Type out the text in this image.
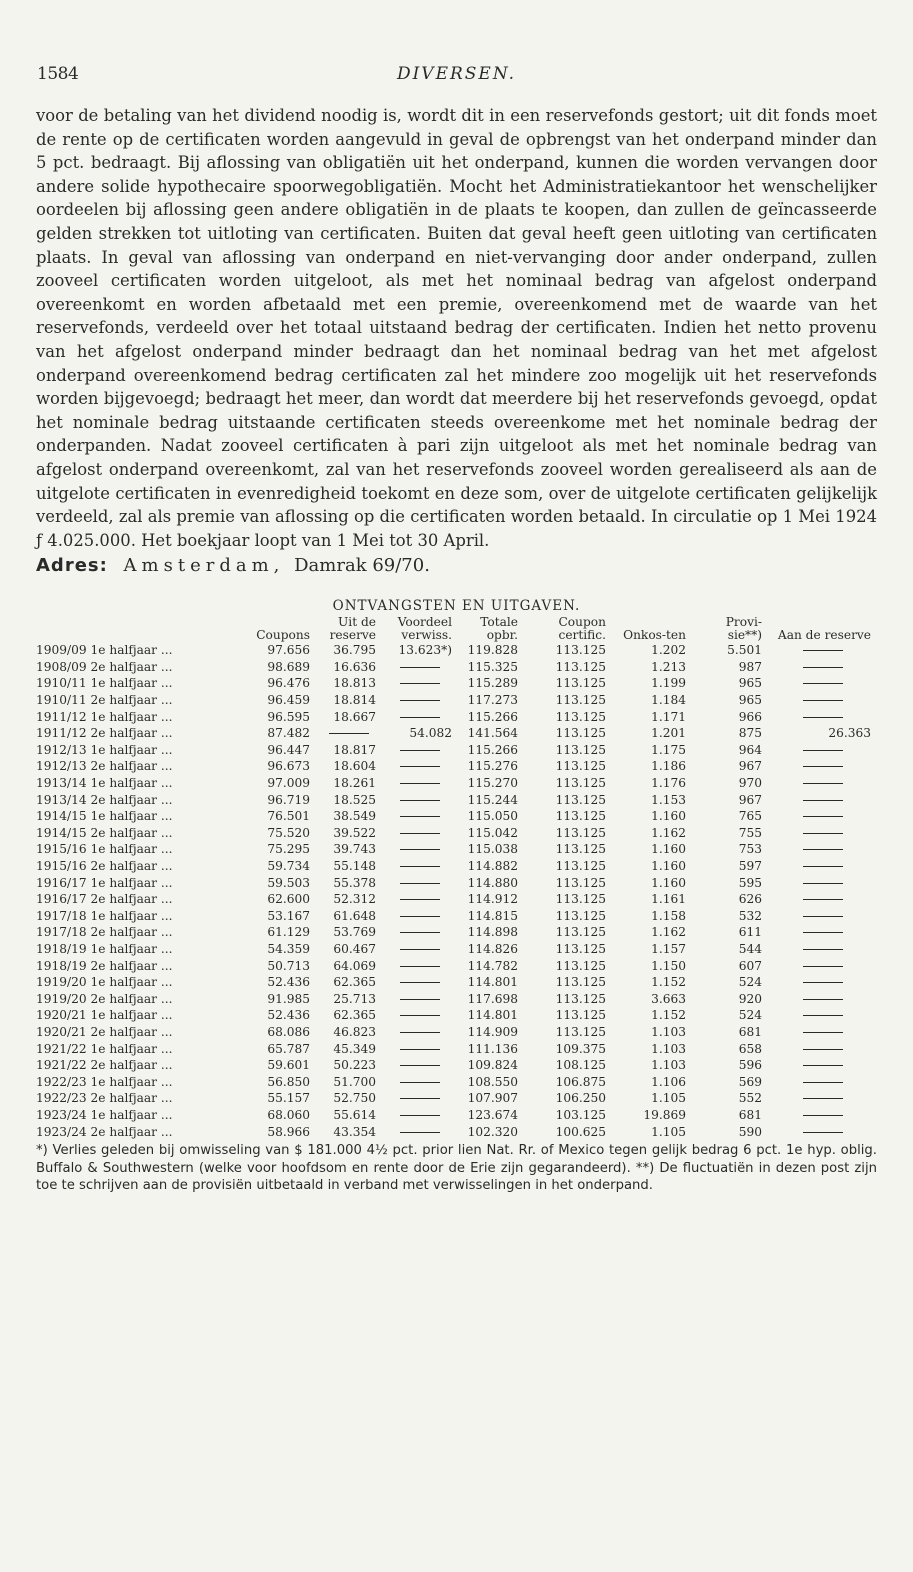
1584	DIVERSEN.

voor de betaling van het dividend noodig is, wordt dit in een reservefonds gestort; uit dit fonds moet de rente op de certificaten worden aangevuld in geval de opbrengst van het onderpand minder dan 5 pct. bedraagt. Bij aflossing van obligatiën uit het onderpand, kunnen die worden vervangen door andere solide hypothecaire spoorwegobligatiën. Mocht het Administratiekantoor het wenschelijker oordeelen bij aflossing geen andere obligatiën in de plaats te koopen, dan zullen de geïncasseerde gelden strekken tot uitloting van certificaten. Buiten dat geval heeft geen uitloting van certificaten plaats. In geval van aflossing van onderpand en niet-vervanging door ander onderpand, zullen zooveel certificaten worden uitgeloot, als met het nominaal bedrag van afgelost onderpand overeenkomt en worden afbetaald met een premie, overeenkomend met de waarde van het reservefonds, verdeeld over het totaal uitstaand bedrag der certificaten. Indien het netto provenu van het afgelost onderpand minder bedraagt dan het nominaal bedrag van het met afgelost onderpand overeenkomend bedrag certificaten zal het mindere zoo mogelijk uit het reservefonds worden bijgevoegd; bedraagt het meer, dan wordt dat meerdere bij het reservefonds gevoegd, opdat het nominale bedrag uitstaande certificaten steeds overeenkome met het nominale bedrag der onderpanden. Nadat zooveel certificaten à pari zijn uitgeloot als met het nominale bedrag van afgelost onderpand overeenkomt, zal van het reservefonds zooveel worden gerealiseerd als aan de uitgelote certificaten in evenredigheid toekomt en deze som, over de uitgelote certificaten gelijkelijk verdeeld, zal als premie van aflossing op die certificaten worden betaald. In circulatie op 1 Mei 1924 ƒ 4.025.000. Het boekjaar loopt van 1 Mei tot 30 April.

Adres: Amsterdam, Damrak 69/70.
ONTVANGSTEN EN UITGAVEN.
	Coupons	Uit de reserve	Voordeel verwiss.	Totale opbr.	Coupon certific.	Onkos-ten	Provi-sie**)	Aan de reserve
1909/09 1e halfjaar ...	97.656	36.795	13.623*)	119.828	113.125	1.202	5.501	
1908/09 2e halfjaar ...	98.689	16.636		115.325	113.125	1.213	987	
1910/11 1e halfjaar ...	96.476	18.813		115.289	113.125	1.199	965	
1910/11 2e halfjaar ...	96.459	18.814		117.273	113.125	1.184	965	
1911/12 1e halfjaar ...	96.595	18.667		115.266	113.125	1.171	966	
1911/12 2e halfjaar ...	87.482		54.082	141.564	113.125	1.201	875	26.363
1912/13 1e halfjaar ...	96.447	18.817		115.266	113.125	1.175	964	
1912/13 2e halfjaar ...	96.673	18.604		115.276	113.125	1.186	967	
1913/14 1e halfjaar ...	97.009	18.261		115.270	113.125	1.176	970	
1913/14 2e halfjaar ...	96.719	18.525		115.244	113.125	1.153	967	
1914/15 1e halfjaar ...	76.501	38.549		115.050	113.125	1.160	765	
1914/15 2e halfjaar ...	75.520	39.522		115.042	113.125	1.162	755	
1915/16 1e halfjaar ...	75.295	39.743		115.038	113.125	1.160	753	
1915/16 2e halfjaar ...	59.734	55.148		114.882	113.125	1.160	597	
1916/17 1e halfjaar ...	59.503	55.378		114.880	113.125	1.160	595	
1916/17 2e halfjaar ...	62.600	52.312		114.912	113.125	1.161	626	
1917/18 1e halfjaar ...	53.167	61.648		114.815	113.125	1.158	532	
1917/18 2e halfjaar ...	61.129	53.769		114.898	113.125	1.162	611	
1918/19 1e halfjaar ...	54.359	60.467		114.826	113.125	1.157	544	
1918/19 2e halfjaar ...	50.713	64.069		114.782	113.125	1.150	607	
1919/20 1e halfjaar ...	52.436	62.365		114.801	113.125	1.152	524	
1919/20 2e halfjaar ...	91.985	25.713		117.698	113.125	3.663	920	
1920/21 1e halfjaar ...	52.436	62.365		114.801	113.125	1.152	524	
1920/21 2e halfjaar ...	68.086	46.823		114.909	113.125	1.103	681	
1921/22 1e halfjaar ...	65.787	45.349		111.136	109.375	1.103	658	
1921/22 2e halfjaar ...	59.601	50.223		109.824	108.125	1.103	596	
1922/23 1e halfjaar ...	56.850	51.700		108.550	106.875	1.106	569	
1922/23 2e halfjaar ...	55.157	52.750		107.907	106.250	1.105	552	
1923/24 1e halfjaar ...	68.060	55.614		123.674	103.125	19.869	681	
1923/24 2e halfjaar ...	58.966	43.354		102.320	100.625	1.105	590	
*) Verlies geleden bij omwisseling van $ 181.000 4½ pct. prior lien Nat. Rr. of Mexico tegen gelijk bedrag 6 pct. 1e hyp. oblig. Buffalo & Southwestern (welke voor hoofdsom en rente door de Erie zijn gegarandeerd). **) De fluctuatiën in dezen post zijn toe te schrijven aan de provisiën uitbetaald in verband met verwisselingen in het onderpand.
